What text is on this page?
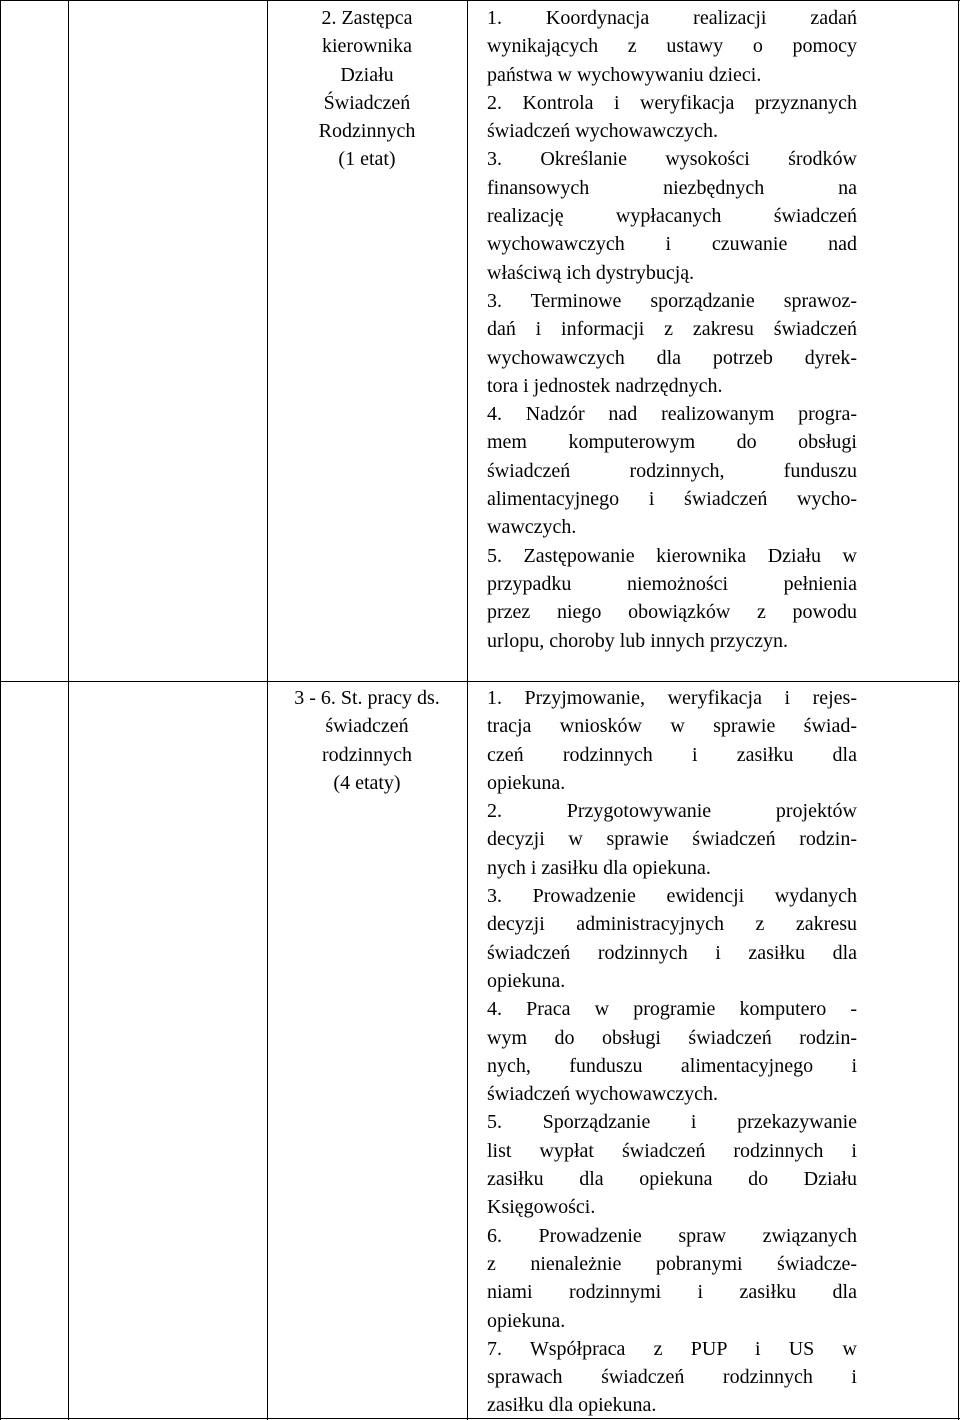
2. Zastępca
kierownika
Działu
Świadczeń
Rodzinnych
(1 etat)
1. Koordynacja realizacji zadań
wynikających z ustawy o pomocy
państwa w wychowywaniu dzieci.
2. Kontrola i weryfikacja przyznanych
świadczeń wychowawczych.
3. Określanie wysokości środków
finansowych niezbędnych na
realizację wypłacanych świadczeń
wychowawczych i czuwanie nad
właściwą ich dystrybucją.
3. Terminowe sporządzanie sprawoz-
dań i informacji z zakresu świadczeń
wychowawczych dla potrzeb dyrek-
tora i jednostek nadrzędnych.
4. Nadzór nad realizowanym progra-
mem komputerowym do obsługi
świadczeń rodzinnych, funduszu
alimentacyjnego i świadczeń wycho-
wawczych.
5. Zastępowanie kierownika Działu w
przypadku niemożności pełnienia
przez niego obowiązków z powodu
urlopu, choroby lub innych przyczyn.
3 - 6. St. pracy ds.
świadczeń
rodzinnych
(4 etaty)
1. Przyjmowanie, weryfikacja i rejes-
tracja wniosków w sprawie świad-
czeń rodzinnych i zasiłku dla
opiekuna.
2. Przygotowywanie projektów
decyzji w sprawie świadczeń rodzin-
nych i zasiłku dla opiekuna.
3. Prowadzenie ewidencji wydanych
decyzji administracyjnych z zakresu
świadczeń rodzinnych i zasiłku dla
opiekuna.
4. Praca w programie komputero -
wym do obsługi świadczeń rodzin-
nych, funduszu alimentacyjnego i
świadczeń wychowawczych.
5. Sporządzanie i przekazywanie
list wypłat świadczeń rodzinnych i
zasiłku dla opiekuna do Działu
Księgowości.
6. Prowadzenie spraw związanych
z nienależnie pobranymi świadcze-
niami rodzinnymi i zasiłku dla
opiekuna.
7. Współpraca z PUP i US w
sprawach świadczeń rodzinnych i
zasiłku dla opiekuna.
